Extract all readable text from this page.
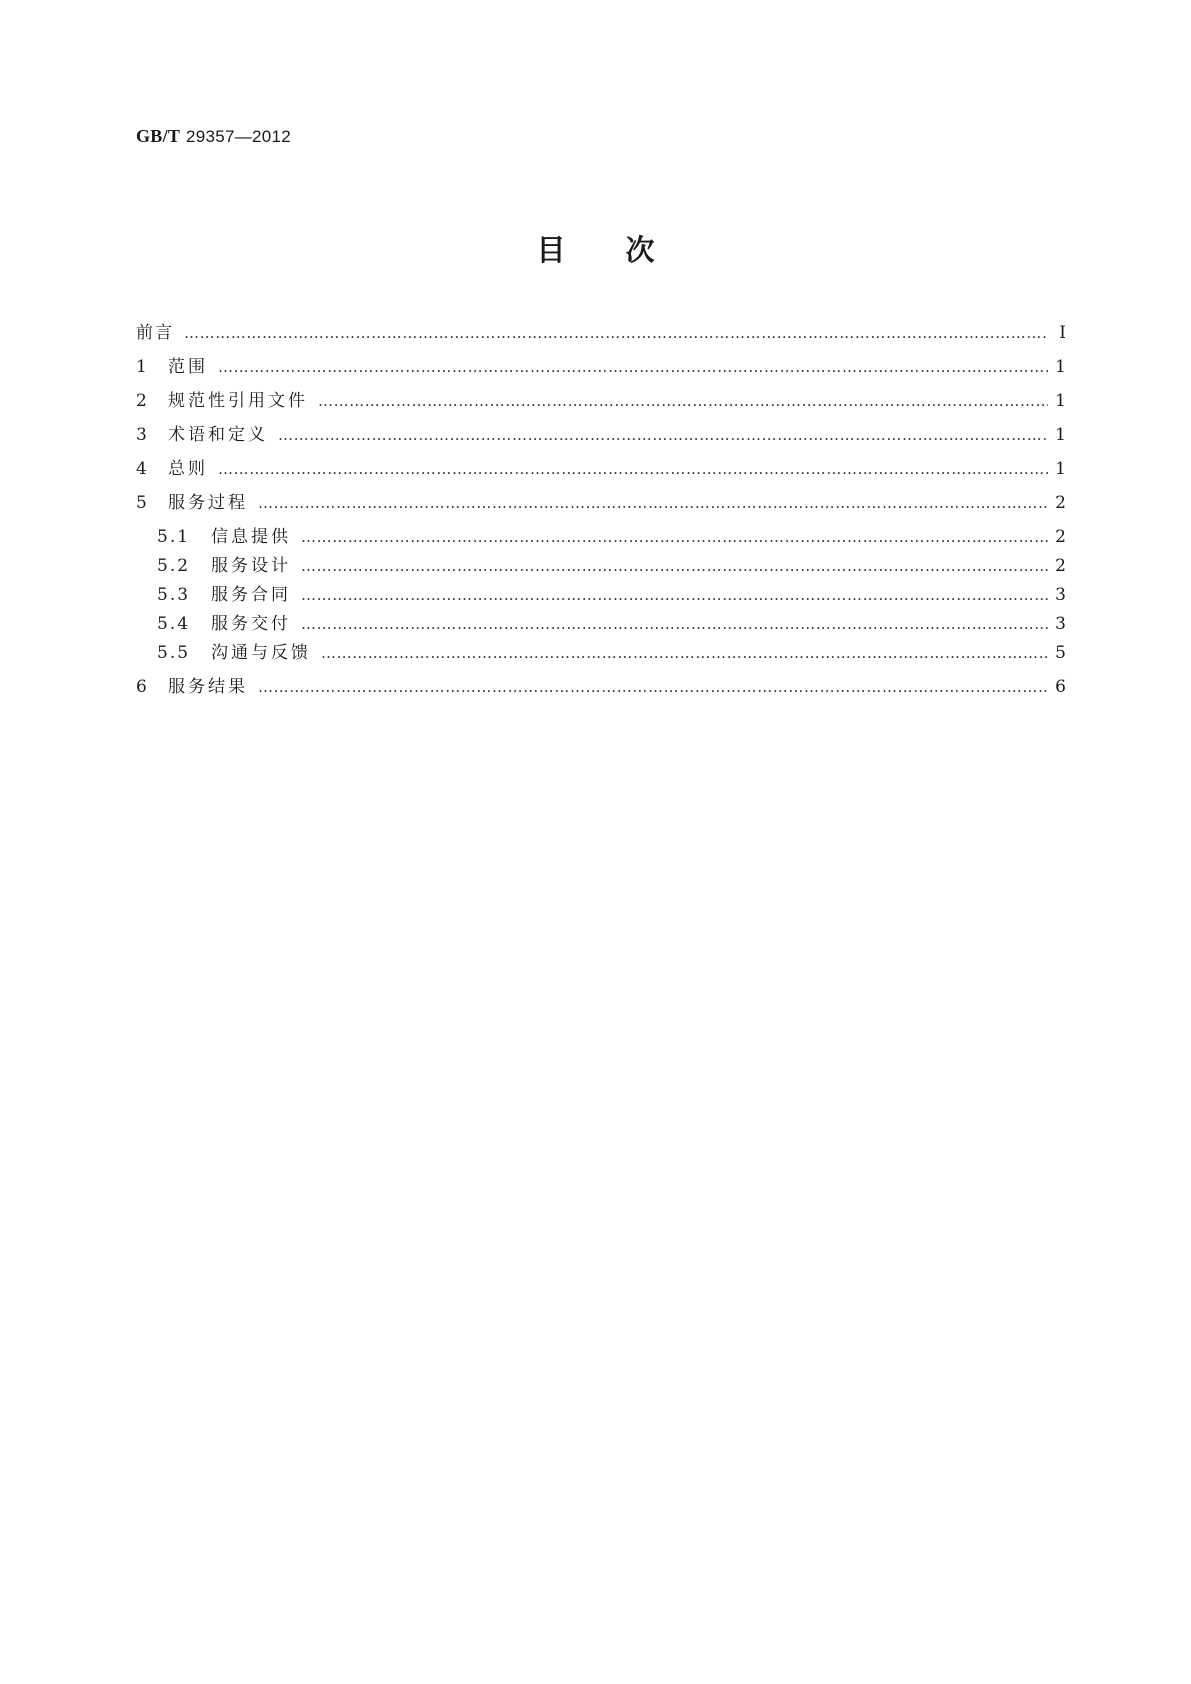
GB/T 29357—2012
目次
前言 ………………………………………………………………………………………………………………………………………………………………………………………	Ⅰ
1	范围 ………………………………………………………………………………………………………………………………………………………………………………………	1
2	规范性引用文件 ………………………………………………………………………………………………………………………………………………………………………………………	1
3	术语和定义 ………………………………………………………………………………………………………………………………………………………………………………………	1
4	总则 ………………………………………………………………………………………………………………………………………………………………………………………	1
5	服务过程 ………………………………………………………………………………………………………………………………………………………………………………………	2
5.1	信息提供 ………………………………………………………………………………………………………………………………………………………………………………………	2
5.2	服务设计 ………………………………………………………………………………………………………………………………………………………………………………………	2
5.3	服务合同 ………………………………………………………………………………………………………………………………………………………………………………………	3
5.4	服务交付 ………………………………………………………………………………………………………………………………………………………………………………………	3
5.5	沟通与反馈 ………………………………………………………………………………………………………………………………………………………………………………………	5
6	服务结果 ………………………………………………………………………………………………………………………………………………………………………………………	6
